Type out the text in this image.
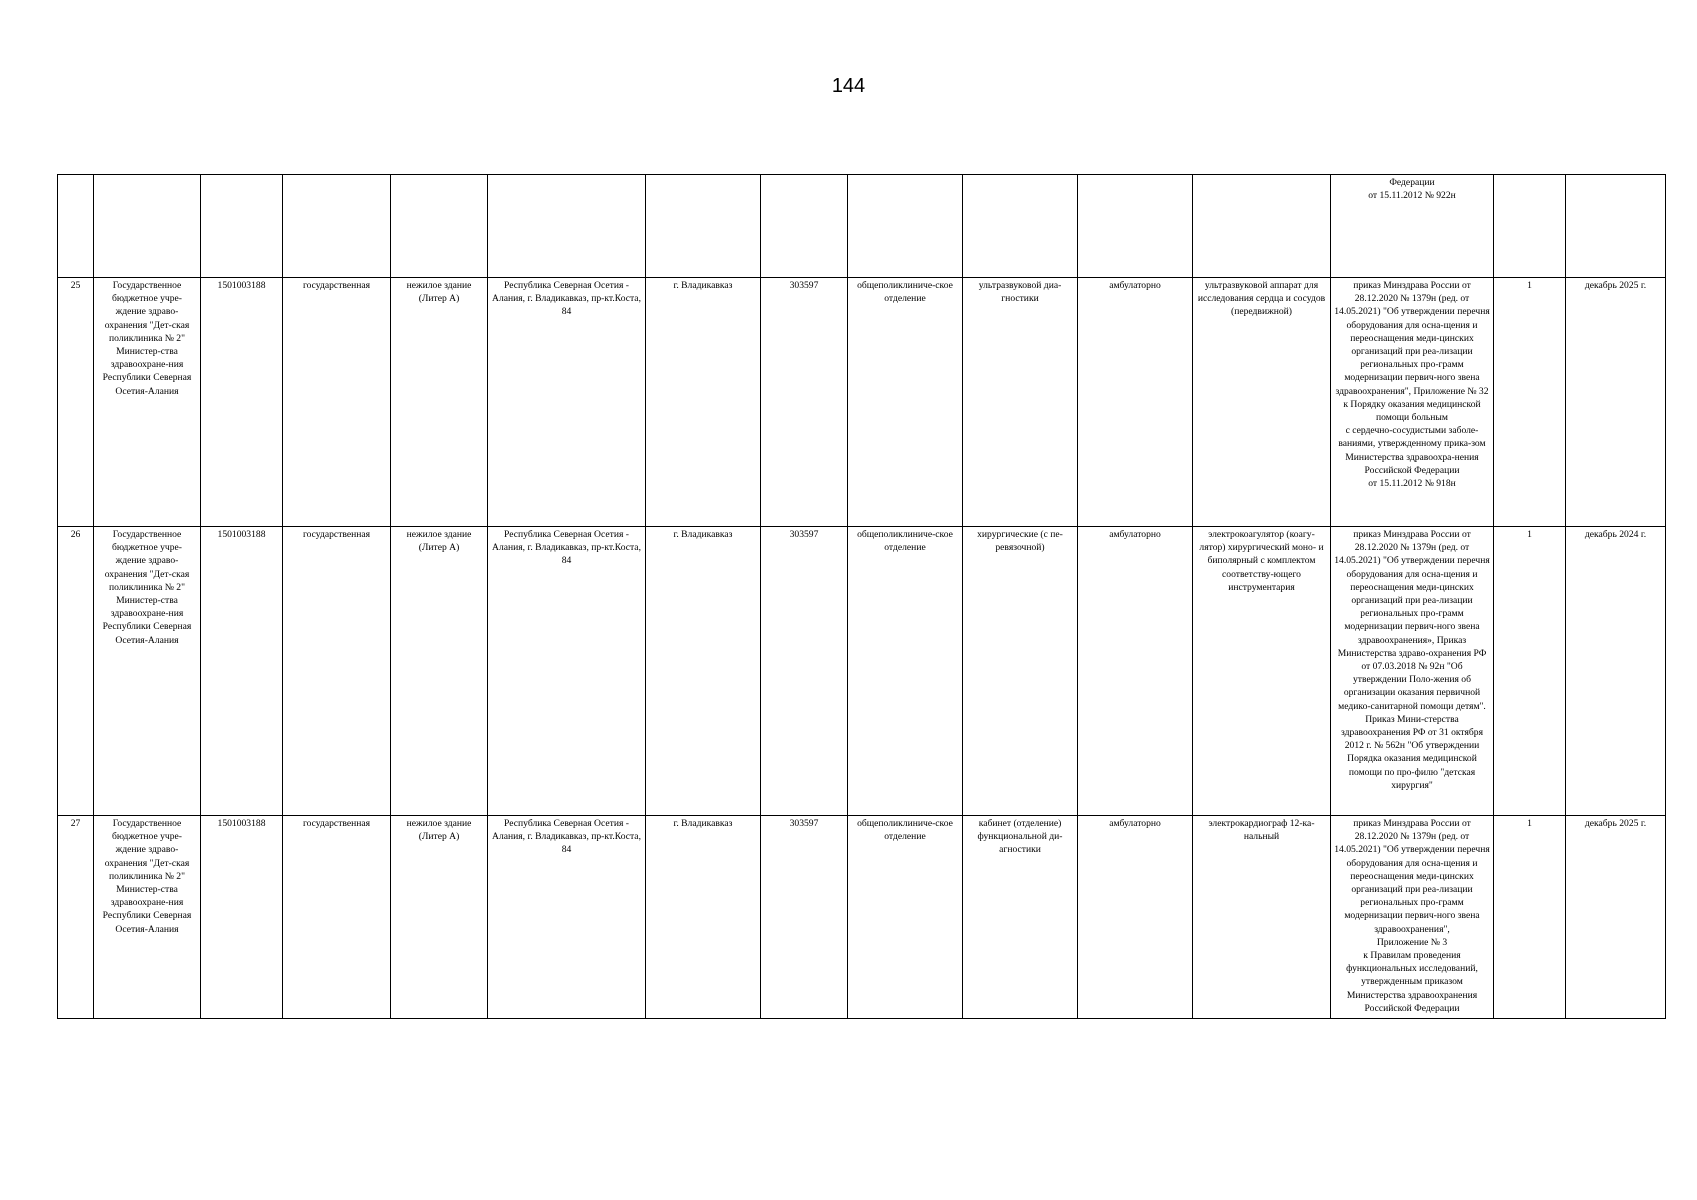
144
												Федерации
от 15.11.2012 № 922н		
25	Государственное бюджетное учре-ждение здраво-охранения "Дет-ская поликлиника № 2" Министер-ства здравоохране-ния Республики Северная Осетия-Алания	1501003188	государственная	нежилое здание (Литер А)	Республика Северная Осетия - Алания, г. Владикавказ, пр-кт.Коста, 84	г. Владикавказ	303597	общеполиклиниче-ское отделение	ультразвуковой диа-гностики	амбулаторно	ультразвуковой аппарат для исследования сердца и сосудов (передвижной)	приказ Минздрава России от 28.12.2020 № 1379н (ред. от 14.05.2021) "Об утверждении перечня оборудования для осна-щения и переоснащения меди-цинских организаций при реа-лизации региональных про-грамм модернизации первич-ного звена здравоохранения", Приложение № 32 к Порядку оказания медицинской помощи больным
с сердечно-сосудистыми заболе-ваниями, утвержденному прика-зом Министерства здравоохра-нения Российской Федерации
от 15.11.2012 № 918н	1	декабрь 2025 г.
26	Государственное бюджетное учре-ждение здраво-охранения "Дет-ская поликлиника № 2" Министер-ства здравоохране-ния Республики Северная Осетия-Алания	1501003188	государственная	нежилое здание (Литер А)	Республика Северная Осетия - Алания, г. Владикавказ, пр-кт.Коста, 84	г. Владикавказ	303597	общеполиклиниче-ское отделение	хирургические (с пе-ревязочной)	амбулаторно	электрокоагулятор (коагу-лятор) хирургический моно- и биполярный с комплектом соответству-ющего инструментария	приказ Минздрава России от 28.12.2020 № 1379н (ред. от 14.05.2021) "Об утверждении перечня оборудования для осна-щения и переоснащения меди-цинских организаций при реа-лизации региональных про-грамм модернизации первич-ного звена здравоохранения», Приказ Министерства здраво-охранения РФ от 07.03.2018 № 92н "Об утверждении Поло-жения об организации оказания первичной медико-санитарной помощи детям". Приказ Мини-стерства здравоохранения РФ от 31 октября 2012 г. № 562н "Об утверждении Порядка оказания медицинской помощи по про-филю "детская хирургия"	1	декабрь 2024 г.
27	Государственное бюджетное учре-ждение здраво-охранения "Дет-ская поликлиника № 2" Министер-ства здравоохране-ния Республики Северная Осетия-Алания	1501003188	государственная	нежилое здание (Литер А)	Республика Северная Осетия - Алания, г. Владикавказ, пр-кт.Коста, 84	г. Владикавказ	303597	общеполиклиниче-ское отделение	кабинет (отделение) функциональной ди-агностики	амбулаторно	электрокардиограф 12-ка-нальный	приказ Минздрава России от 28.12.2020 № 1379н (ред. от 14.05.2021) "Об утверждении перечня оборудования для осна-щения и переоснащения меди-цинских организаций при реа-лизации региональных про-грамм модернизации первич-ного звена здравоохранения",
Приложение № 3
к Правилам проведения функциональных исследований, утвержденным приказом Министерства здравоохранения Российской Федерации	1	декабрь 2025 г.
